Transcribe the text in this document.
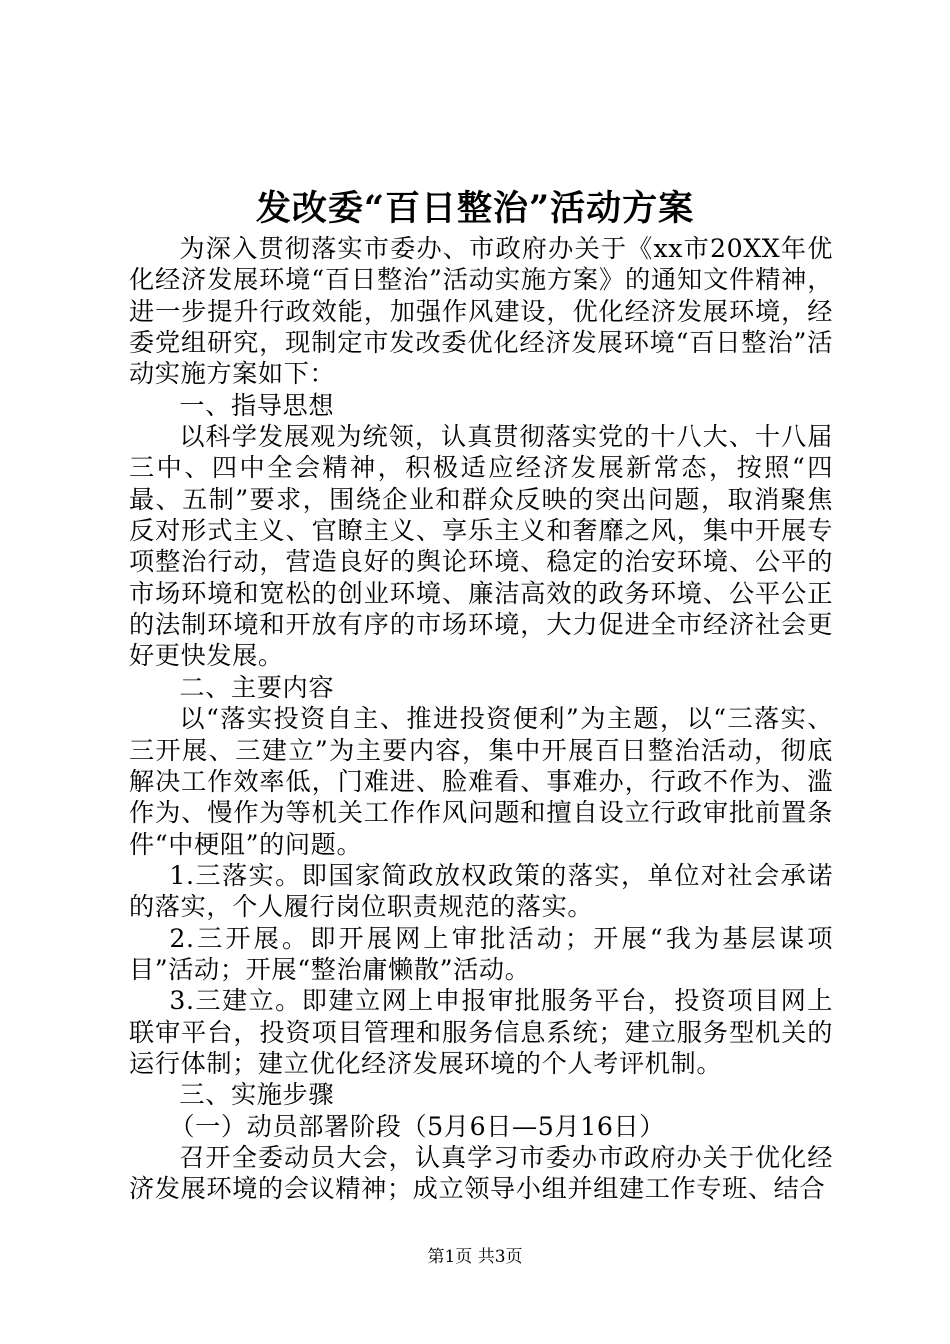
发改委“百日整治”活动方案

为深入贯彻落实市委办、市政府办关于《xx市20XX年优化经济发展环境“百日整治”活动实施方案》的通知文件精神，进一步提升行政效能，加强作风建设，优化经济发展环境，经委党组研究，现制定市发改委优化经济发展环境“百日整治”活动实施方案如下：

一、指导思想

以科学发展观为统领，认真贯彻落实党的十八大、十八届三中、四中全会精神，积极适应经济发展新常态，按照“四最、五制”要求，围绕企业和群众反映的突出问题，取消聚焦反对形式主义、官瞭主义、享乐主义和奢靡之风，集中开展专项整治行动，营造良好的舆论环境、稳定的治安环境、公平的市场环境和宽松的创业环境、廉洁高效的政务环境、公平公正的法制环境和开放有序的市场环境，大力促进全市经济社会更好更快发展。

二、主要内容

以“落实投资自主、推进投资便利”为主题，以“三落实、三开展、三建立”为主要内容，集中开展百日整治活动，彻底解决工作效率低，门难进、脸难看、事难办，行政不作为、滥作为、慢作为等机关工作作风问题和擅自设立行政审批前置条件“中梗阻”的问题。

1.三落实。即国家简政放权政策的落实，单位对社会承诺的落实，个人履行岗位职责规范的落实。

2.三开展。即开展网上审批活动；开展“我为基层谋项目”活动；开展“整治庸懒散”活动。

3.三建立。即建立网上申报审批服务平台，投资项目网上联审平台，投资项目管理和服务信息系统；建立服务型机关的运行体制；建立优化经济发展环境的个人考评机制。

三、实施步骤

（一）动员部署阶段（5月6日—5月16日）

召开全委动员大会，认真学习市委办市政府办关于优化经济发展环境的会议精神；成立领导小组并组建工作专班、结合

第1页 共3页
